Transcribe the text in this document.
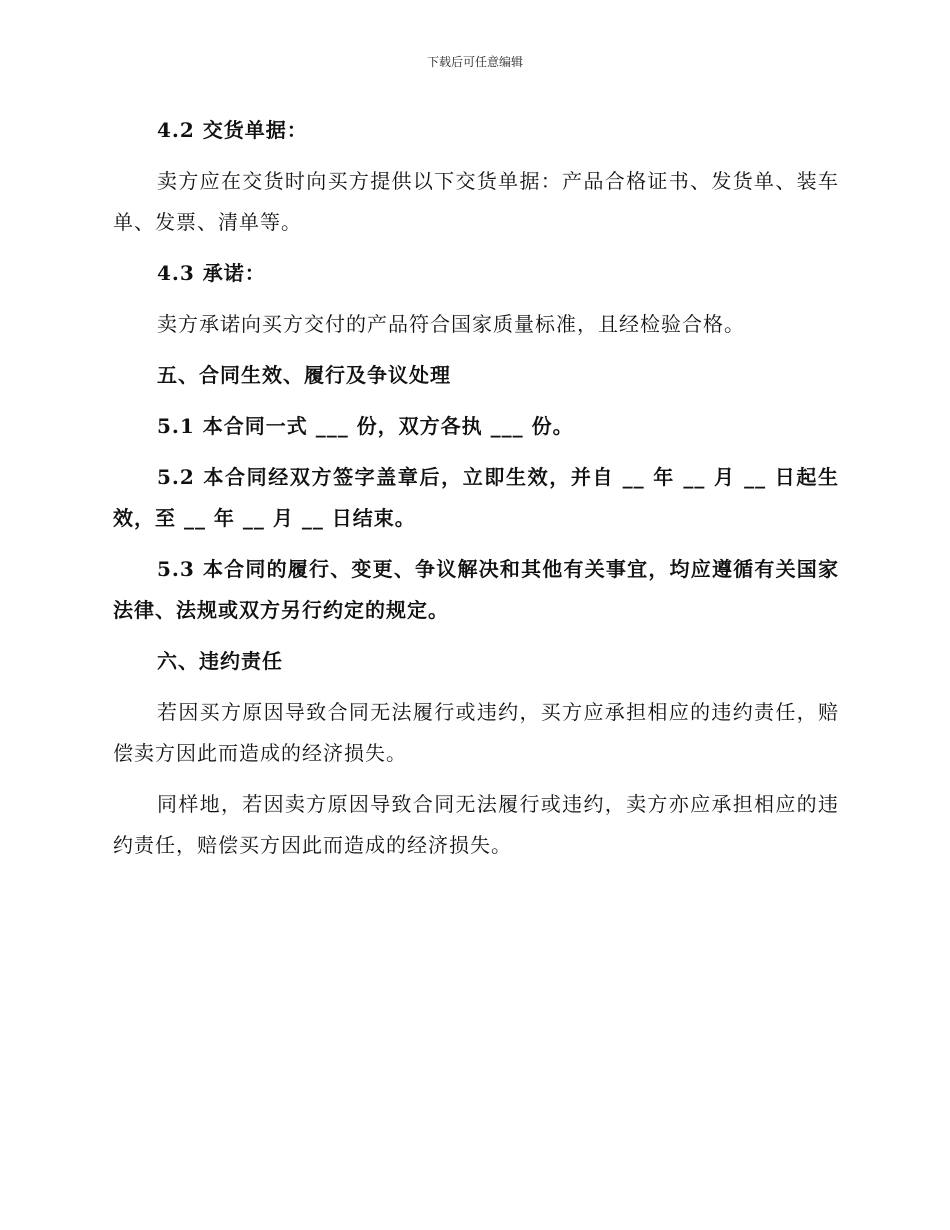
下载后可任意编辑

4.2 交货单据：

卖方应在交货时向买方提供以下交货单据：产品合格证书、发货单、装车单、发票、清单等。

4.3 承诺：

卖方承诺向买方交付的产品符合国家质量标准，且经检验合格。

五、合同生效、履行及争议处理

5.1 本合同一式 ___ 份，双方各执 ___ 份。

5.2 本合同经双方签字盖章后，立即生效，并自 __ 年 __ 月 __ 日起生效，至 __ 年 __ 月 __ 日结束。

5.3 本合同的履行、变更、争议解决和其他有关事宜，均应遵循有关国家法律、法规或双方另行约定的规定。

六、违约责任

若因买方原因导致合同无法履行或违约，买方应承担相应的违约责任，赔偿卖方因此而造成的经济损失。

同样地，若因卖方原因导致合同无法履行或违约，卖方亦应承担相应的违约责任，赔偿买方因此而造成的经济损失。
